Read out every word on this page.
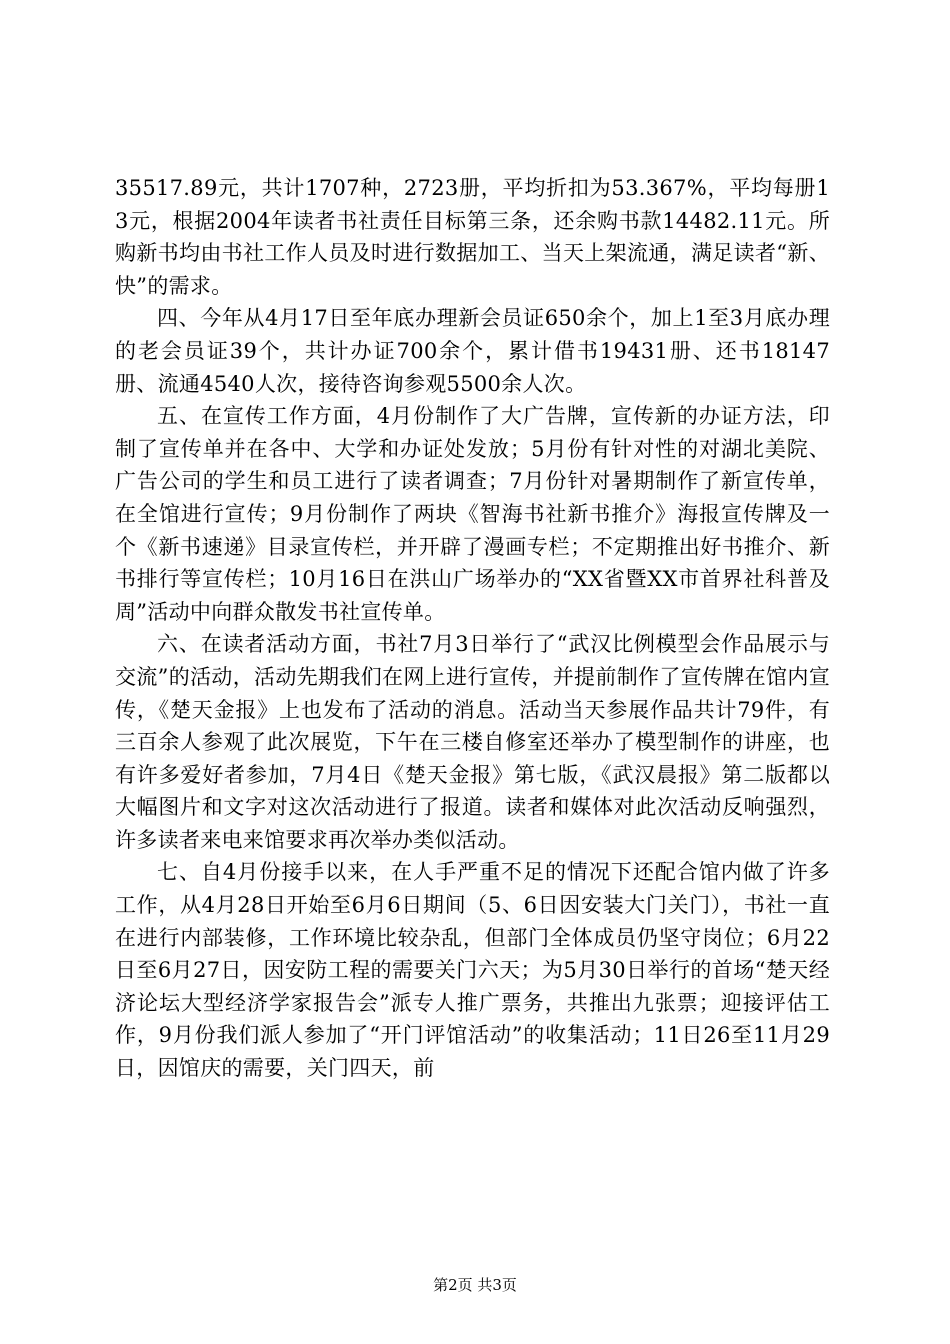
35517.89元，共计1707种，2723册，平均折扣为53.367%，平均每册13元，根据2004年读者书社责任目标第三条，还余购书款14482.11元。所购新书均由书社工作人员及时进行数据加工、当天上架流通，满足读者“新、快”的需求。

四、今年从4月17日至年底办理新会员证650余个，加上1至3月底办理的老会员证39个，共计办证700余个，累计借书19431册、还书18147册、流通4540人次，接待咨询参观5500余人次。

五、在宣传工作方面，4月份制作了大广告牌，宣传新的办证方法，印制了宣传单并在各中、大学和办证处发放；5月份有针对性的对湖北美院、广告公司的学生和员工进行了读者调查；7月份针对暑期制作了新宣传单，在全馆进行宣传；9月份制作了两块《智海书社新书推介》海报宣传牌及一个《新书速递》目录宣传栏，并开辟了漫画专栏；不定期推出好书推介、新书排行等宣传栏；10月16日在洪山广场举办的“XX省暨XX市首界社科普及周”活动中向群众散发书社宣传单。

六、在读者活动方面，书社7月3日举行了“武汉比例模型会作品展示与交流”的活动，活动先期我们在网上进行宣传，并提前制作了宣传牌在馆内宣传，《楚天金报》上也发布了活动的消息。活动当天参展作品共计79件，有三百余人参观了此次展览，下午在三楼自修室还举办了模型制作的讲座，也有许多爱好者参加，7月4日《楚天金报》第七版，《武汉晨报》第二版都以大幅图片和文字对这次活动进行了报道。读者和媒体对此次活动反响强烈，许多读者来电来馆要求再次举办类似活动。

七、自4月份接手以来，在人手严重不足的情况下还配合馆内做了许多工作，从4月28日开始至6月6日期间（5、6日因安装大门关门），书社一直在进行内部装修，工作环境比较杂乱，但部门全体成员仍坚守岗位；6月22日至6月27日，因安防工程的需要关门六天；为5月30日举行的首场“楚天经济论坛大型经济学家报告会”派专人推广票务，共推出九张票；迎接评估工作，9月份我们派人参加了“开门评馆活动”的收集活动；11日26至11月29日，因馆庆的需要，关门四天，前

第2页 共3页
